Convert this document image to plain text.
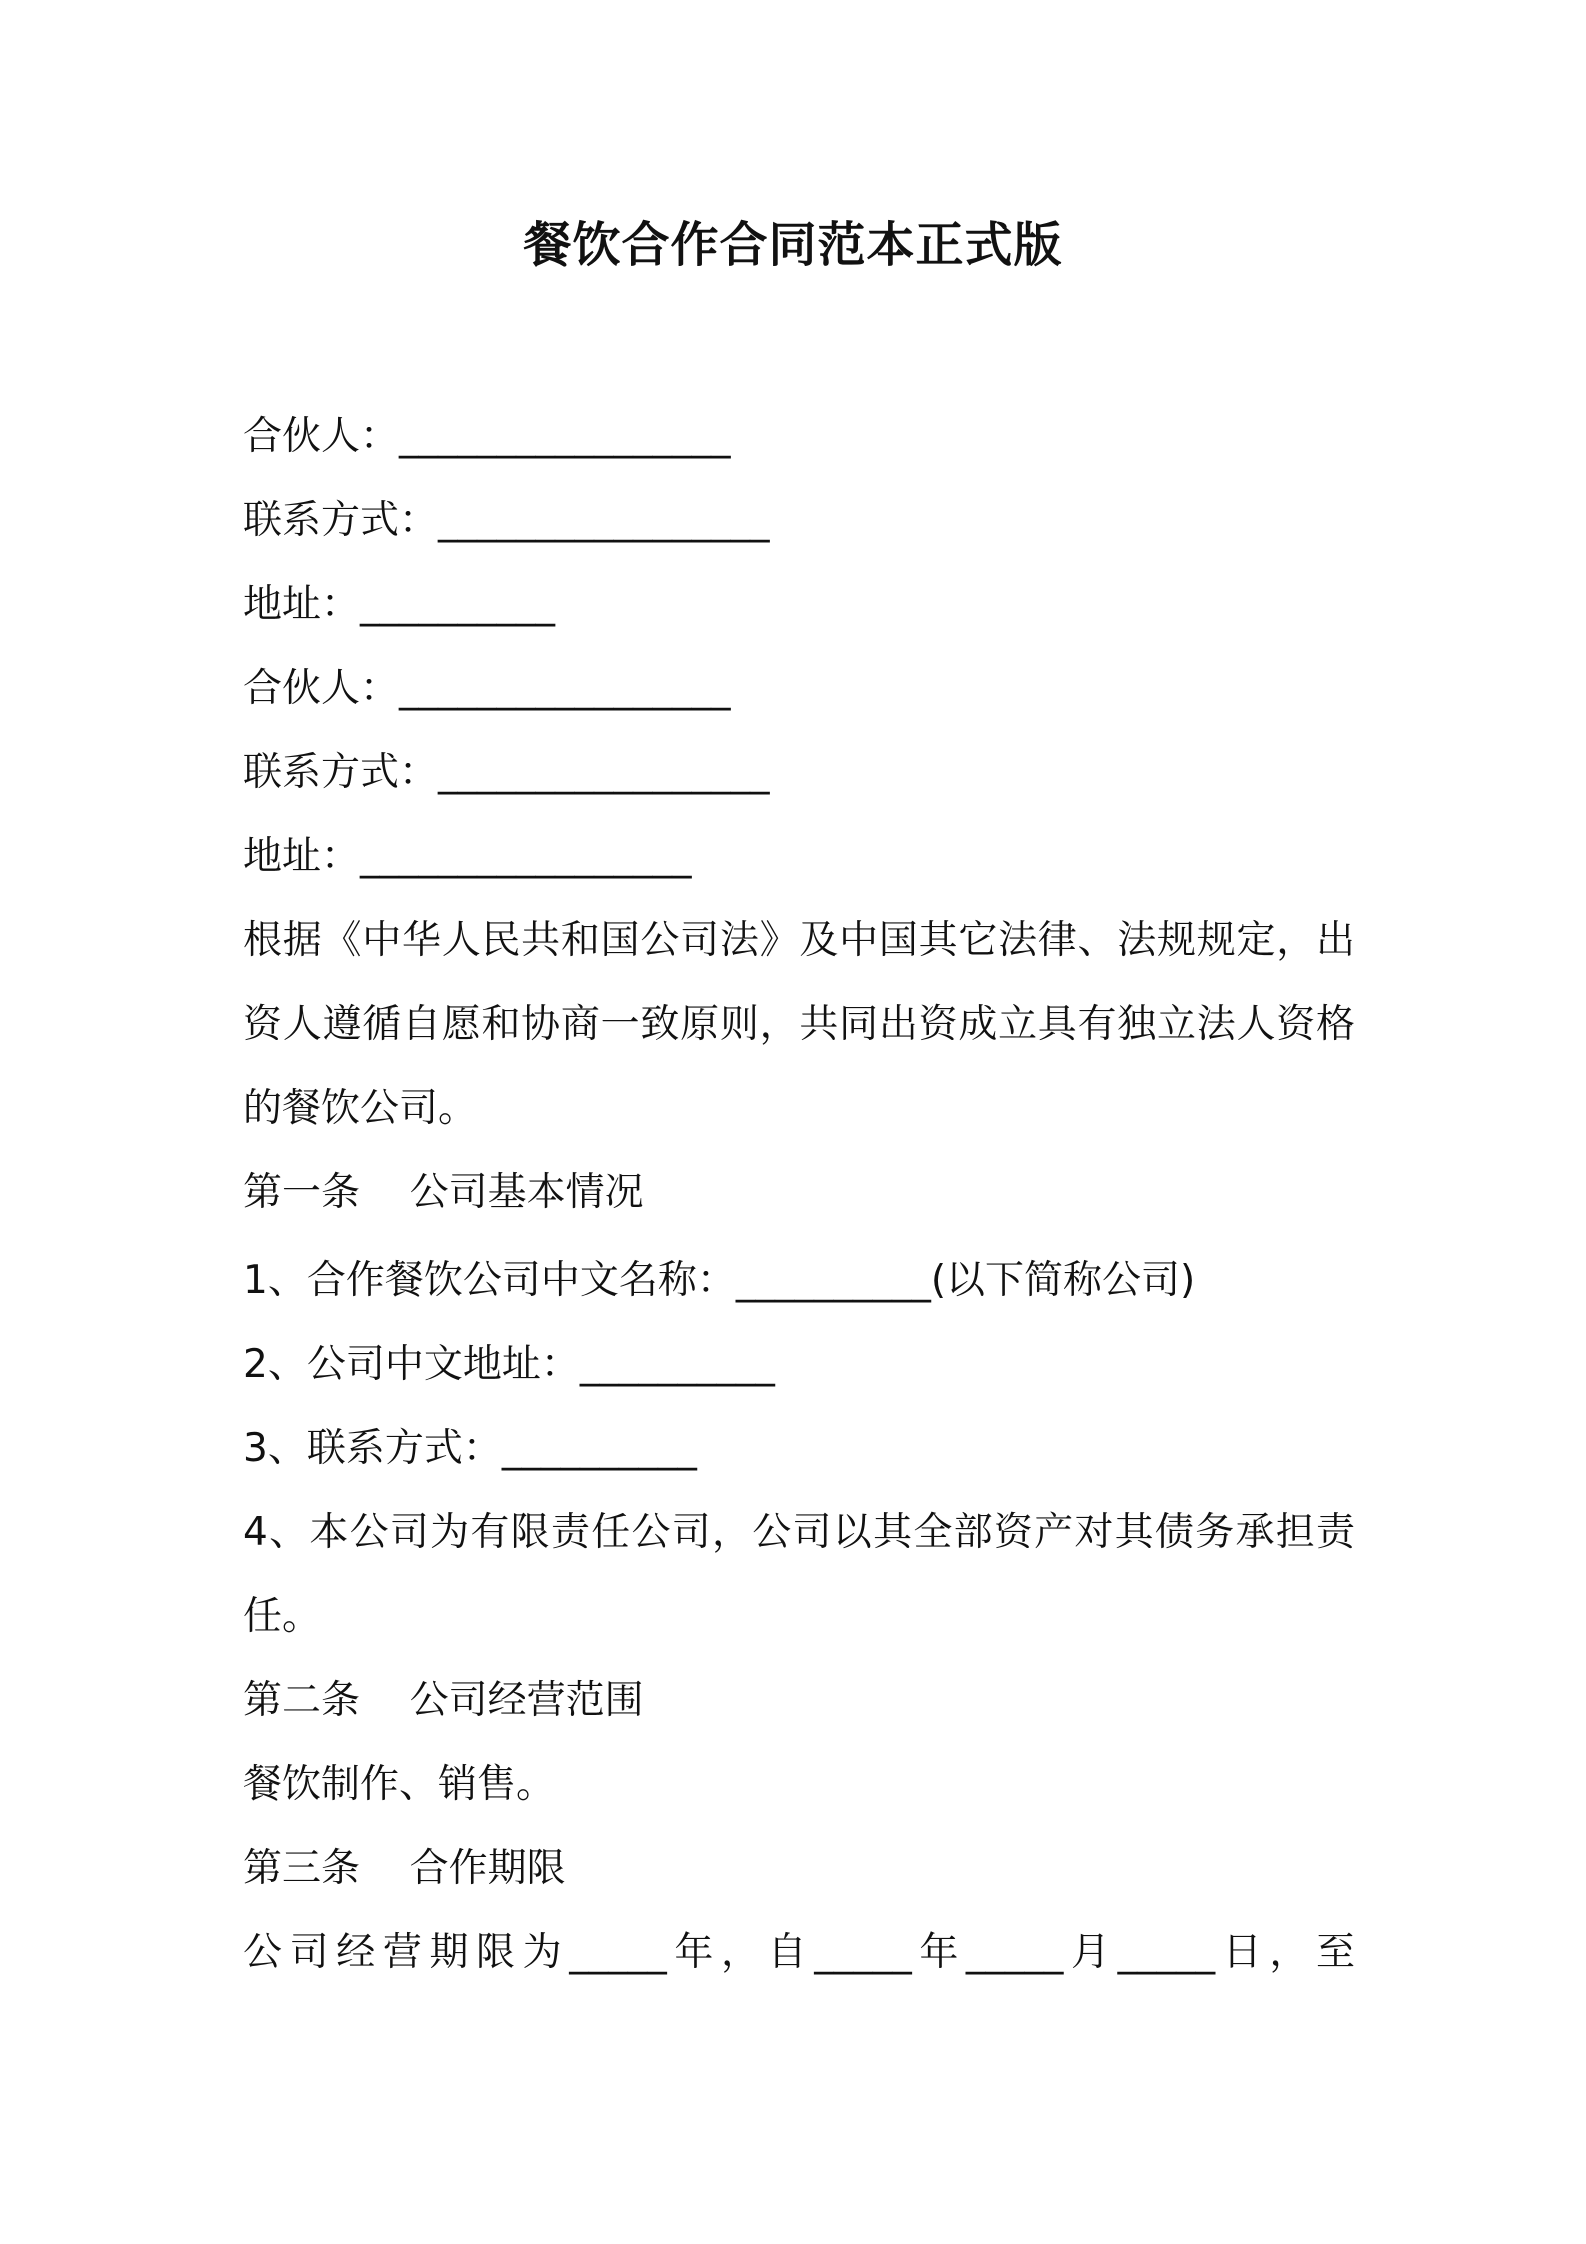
餐饮合作合同范本正式版
合伙人：_________________
联系方式：_________________
地址：__________
合伙人：_________________
联系方式：_________________
地址：_________________
根据《中华人民共和国公司法》及中国其它法律、法规规定，出
资人遵循自愿和协商一致原则，共同出资成立具有独立法人资格
的餐饮公司。
第一条    公司基本情况
1、合作餐饮公司中文名称：__________(以下简称公司)
2、公司中文地址：__________
3、联系方式：__________
4、本公司为有限责任公司，公司以其全部资产对其债务承担责
任。
第二条    公司经营范围
餐饮制作、销售。
第三条    合作期限
公司经营期限为_____年，自_____年_____月_____日，至
